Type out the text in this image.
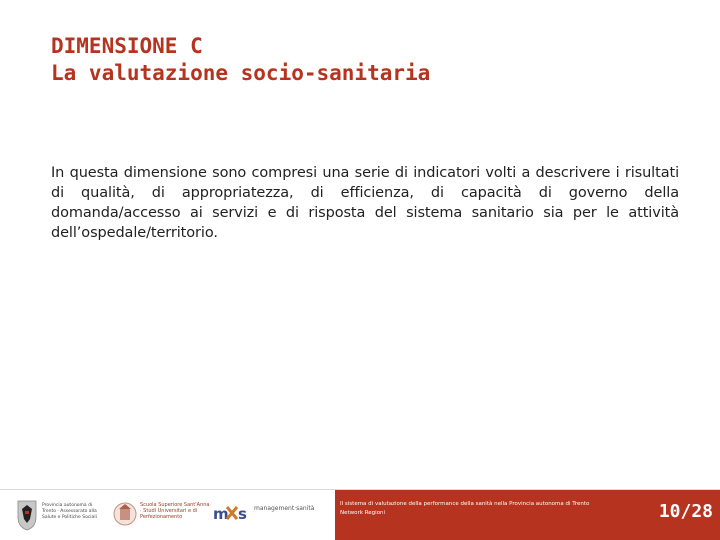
DIMENSIONE C
La valutazione socio-sanitaria
In questa dimensione sono compresi una serie di indicatori volti a descrivere i risultati di qualità, di appropriatezza, di efficienza, di capacità di governo della domanda/accesso ai servizi e di risposta del sistema sanitario sia per le attività dell’ospedale/territorio.
Provincia autonoma di Trento · Assessorato alla Salute e Politiche Sociali
Scuola Superiore Sant'Anna · Studi Universitari e di Perfezionamento	m s management·sanità
Il sistema di valutazione della performance della sanità nella Provincia autonoma di Trento
Network Regioni	10/28
